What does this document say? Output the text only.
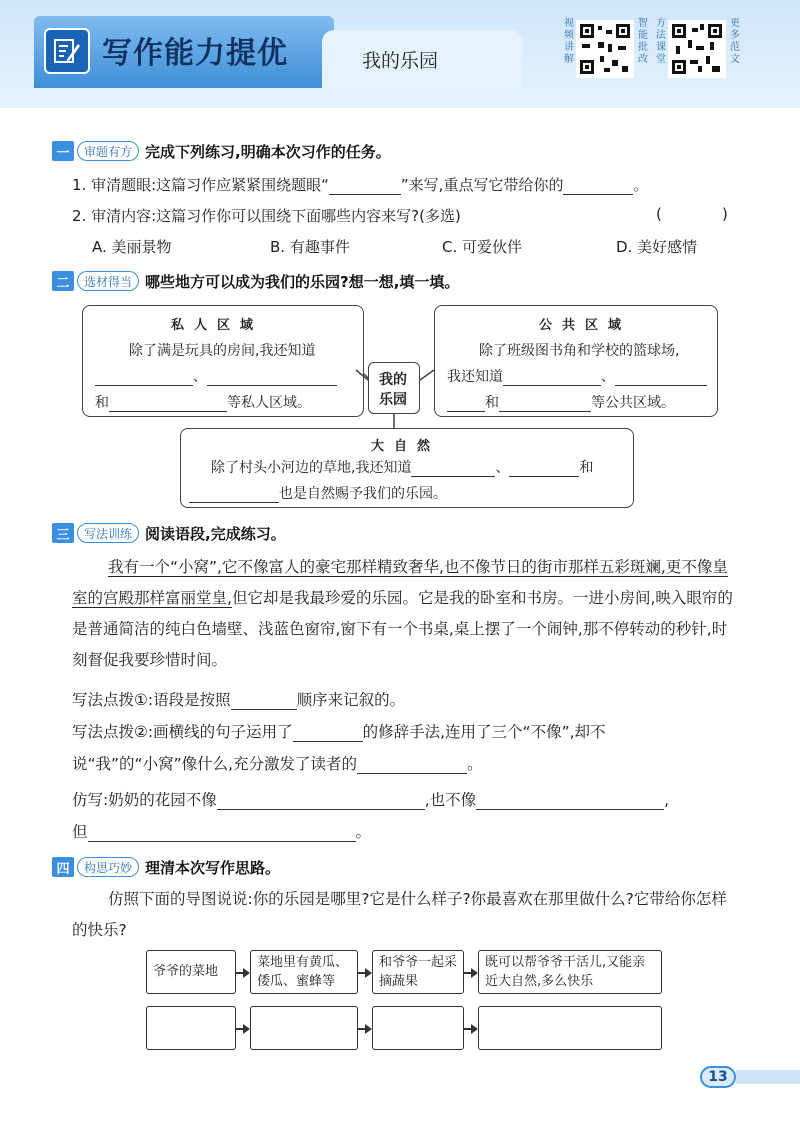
写作能力提优	我的乐园
视频讲解
智能批改
方法课堂
更多范文
一	审题有方 完成下列练习,明确本次习作的任务。
1. 审清题眼:这篇习作应紧紧围绕题眼“	”来写,重点写它带给你的	。
2. 审清内容:这篇习作你可以围绕下面哪些内容来写?(多选)	(	)
A. 美丽景物	B. 有趣事件	C. 可爱伙伴	D. 美好感情
二	选材得当 哪些地方可以成为我们的乐园?想一想,填一填。
私人区域
除了满是玩具的房间,我还知道
、
和	等私人区域。
我的
乐园
公共区域
除了班级图书角和学校的篮球场,
我还知道	、
和	等公共区域。
大自然
除了村头小河边的草地,我还知道	、	和
也是自然赐予我们的乐园。
三	写法训练 阅读语段,完成练习。
我有一个“小窝”,它不像富人的豪宅那样精致奢华,也不像节日的街市那样五彩斑斓,更不像皇室的宫殿那样富丽堂皇,但它却是我最珍爱的乐园。它是我的卧室和书房。一进小房间,映入眼帘的是普通简洁的纯白色墙壁、浅蓝色窗帘,窗下有一个书桌,桌上摆了一个闹钟,那不停转动的秒针,时刻督促我要珍惜时间。
写法点拨①:语段是按照	顺序来记叙的。
写法点拨②:画横线的句子运用了	的修辞手法,连用了三个“不像”,却不
说“我”的“小窝”像什么,充分激发了读者的	。
仿写:奶奶的花园不像	,也不像	,
但	。
四	构思巧妙 理清本次写作思路。
仿照下面的导图说说:你的乐园是哪里?它是什么样子?你最喜欢在那里做什么?它带给你怎样的快乐?
爷爷的菜地
菜地里有黄瓜、倭瓜、蜜蜂等
和爷爷一起采摘蔬果
既可以帮爷爷干活儿,又能亲近大自然,多么快乐
13
